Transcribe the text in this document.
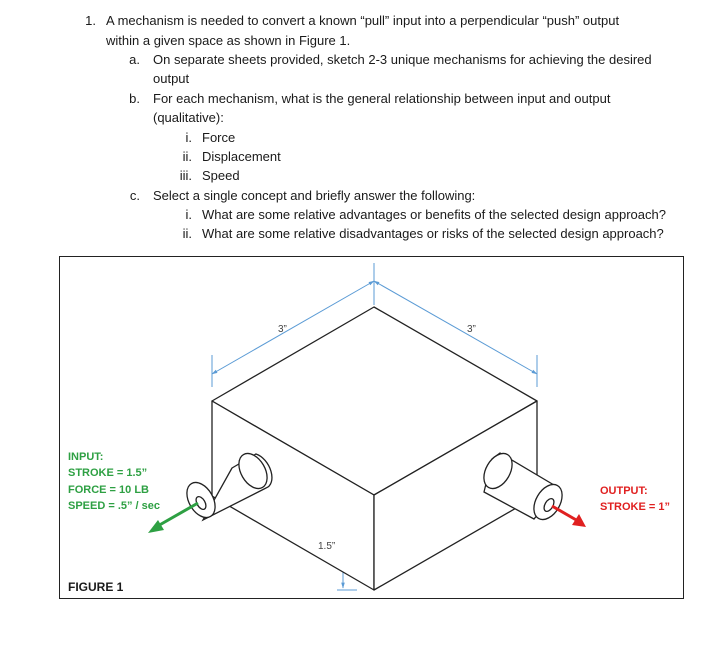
1. A mechanism is needed to convert a known “pull” input into a perpendicular “push” output
within a given space as shown in Figure 1.
a. On separate sheets provided, sketch 2-3 unique mechanisms for achieving the desired
output
b. For each mechanism, what is the general relationship between input and output
(qualitative):
i. Force
ii. Displacement
iii. Speed
c. Select a single concept and briefly answer the following:
i. What are some relative advantages or benefits of the selected design approach?
ii. What are some relative disadvantages or risks of the selected design approach?
3”	3”
1.5”
INPUT:
STROKE = 1.5”
FORCE = 10 LB
SPEED = .5” / sec
OUTPUT:
STROKE = 1”
FIGURE 1
